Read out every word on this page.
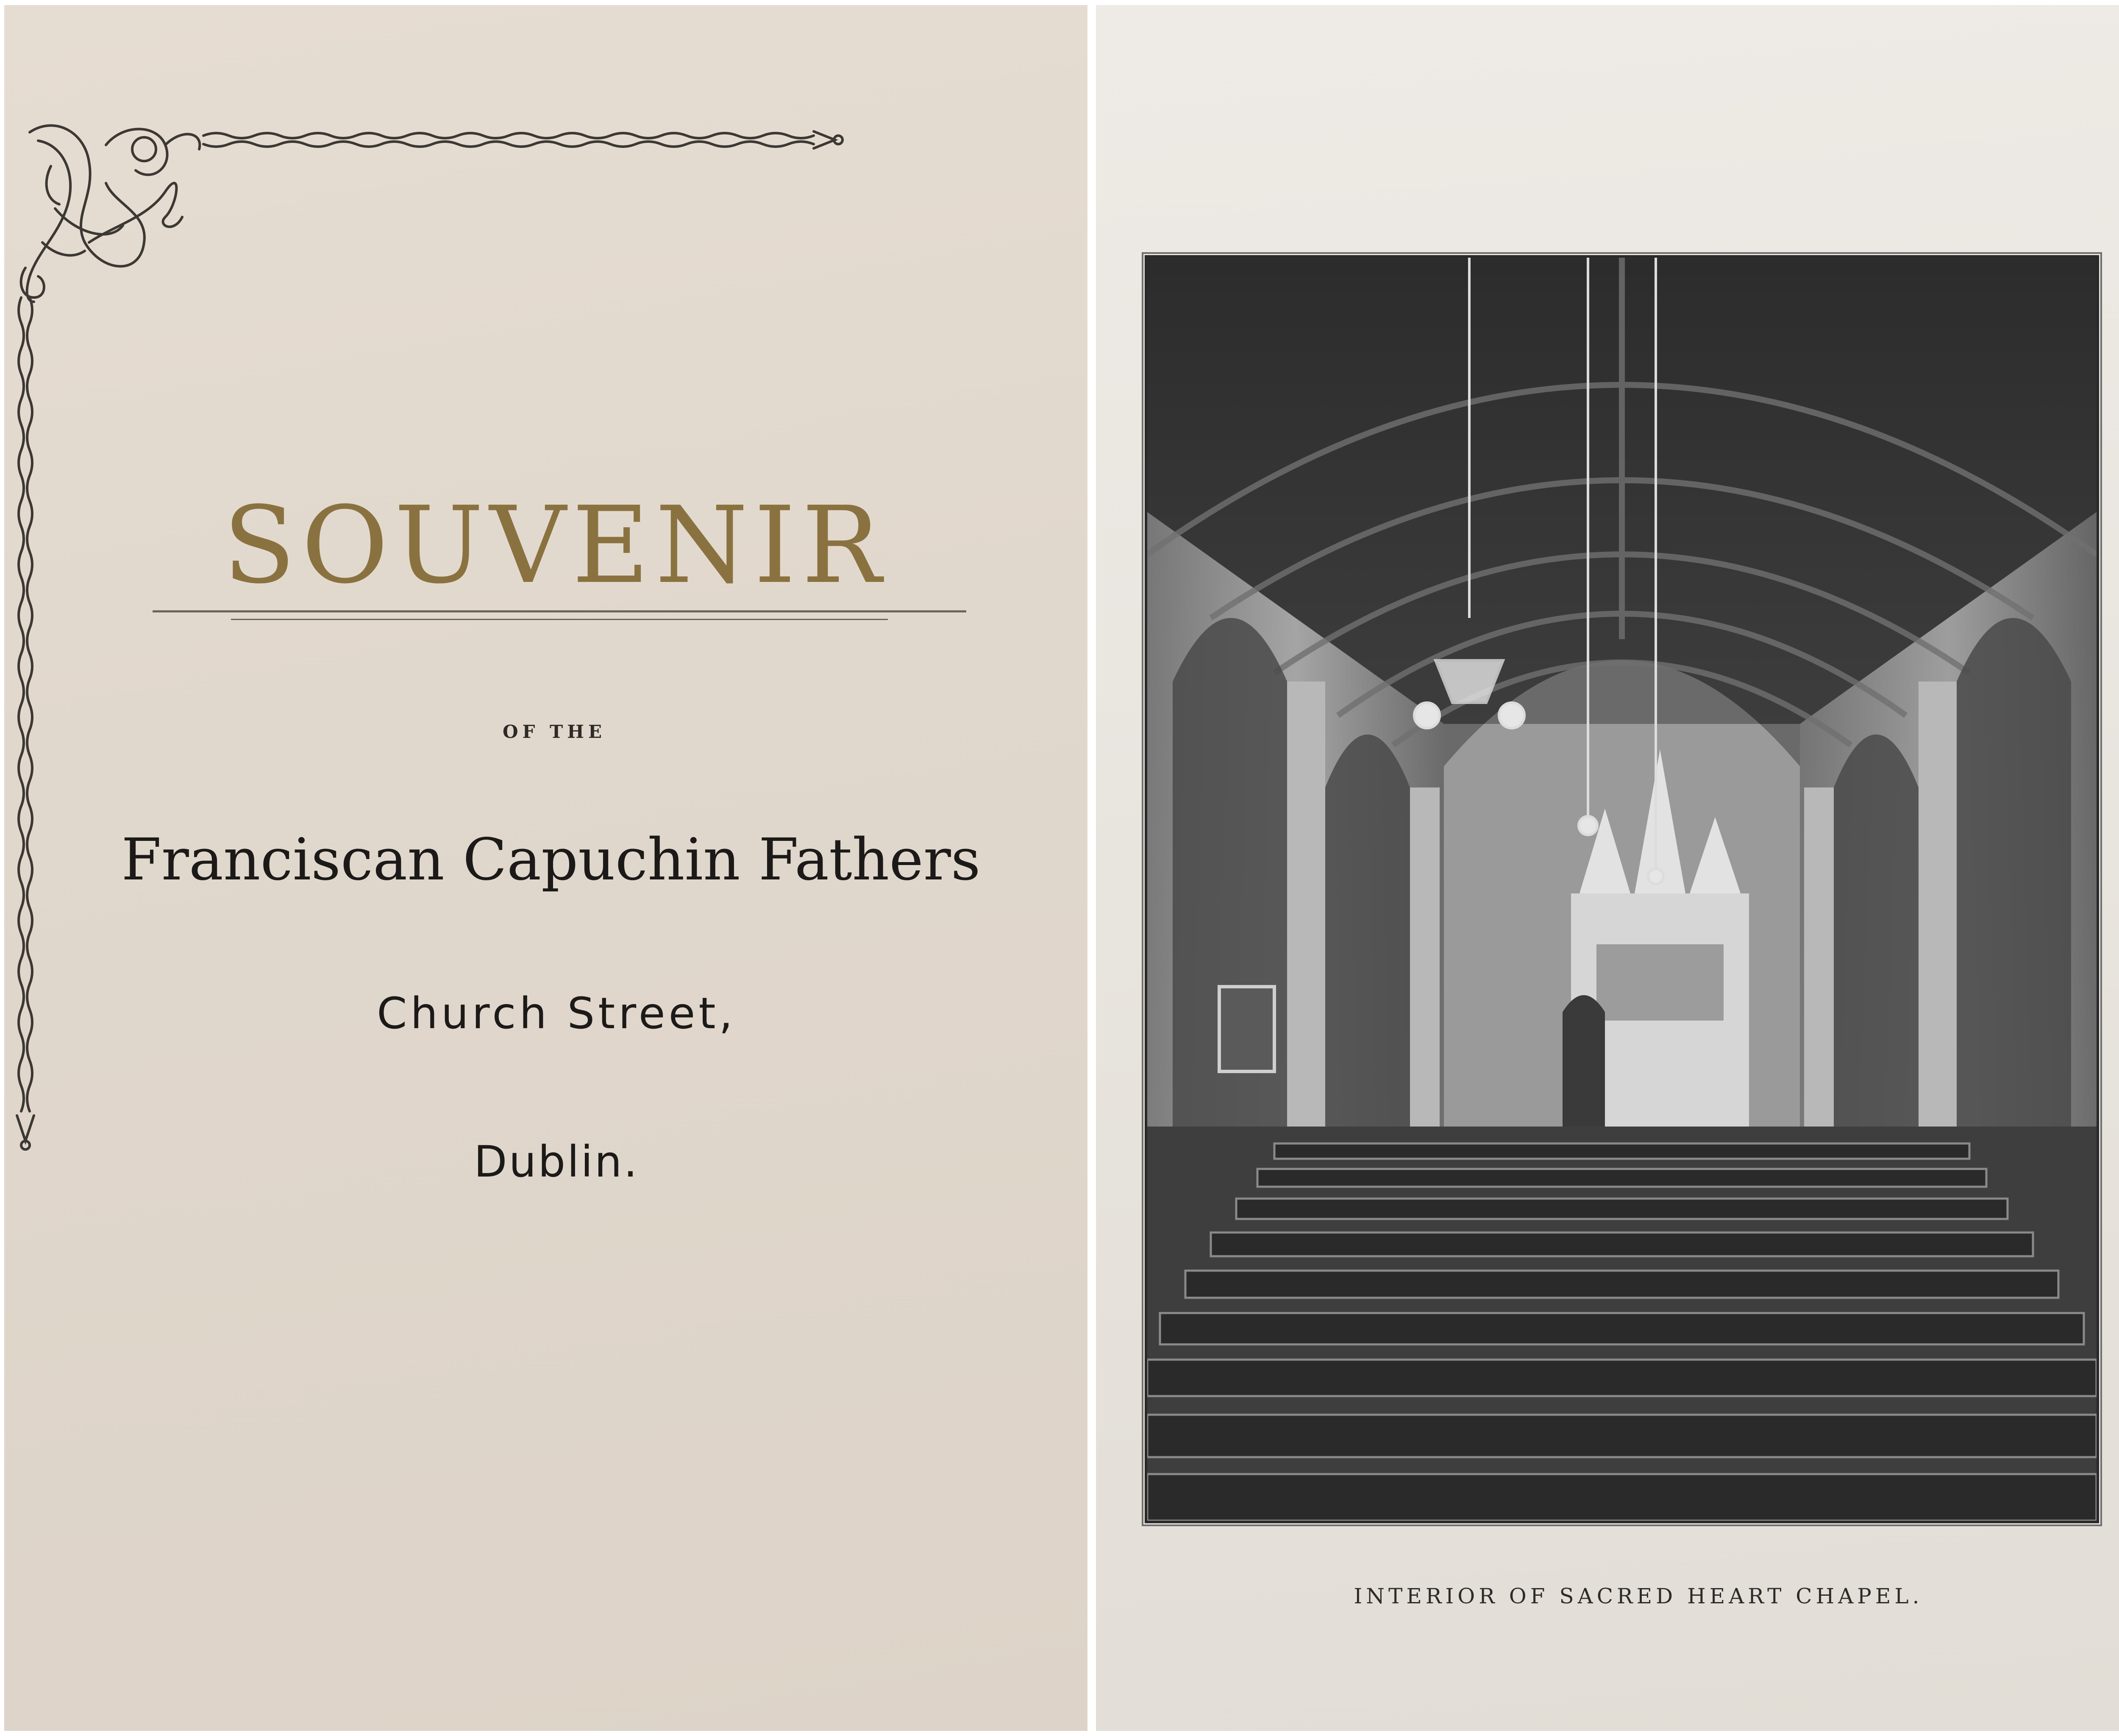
SOUVENIR
OF THE
Franciscan Capuchin Fathers
Church Street,
Dublin.
INTERIOR OF SACRED HEART CHAPEL.
